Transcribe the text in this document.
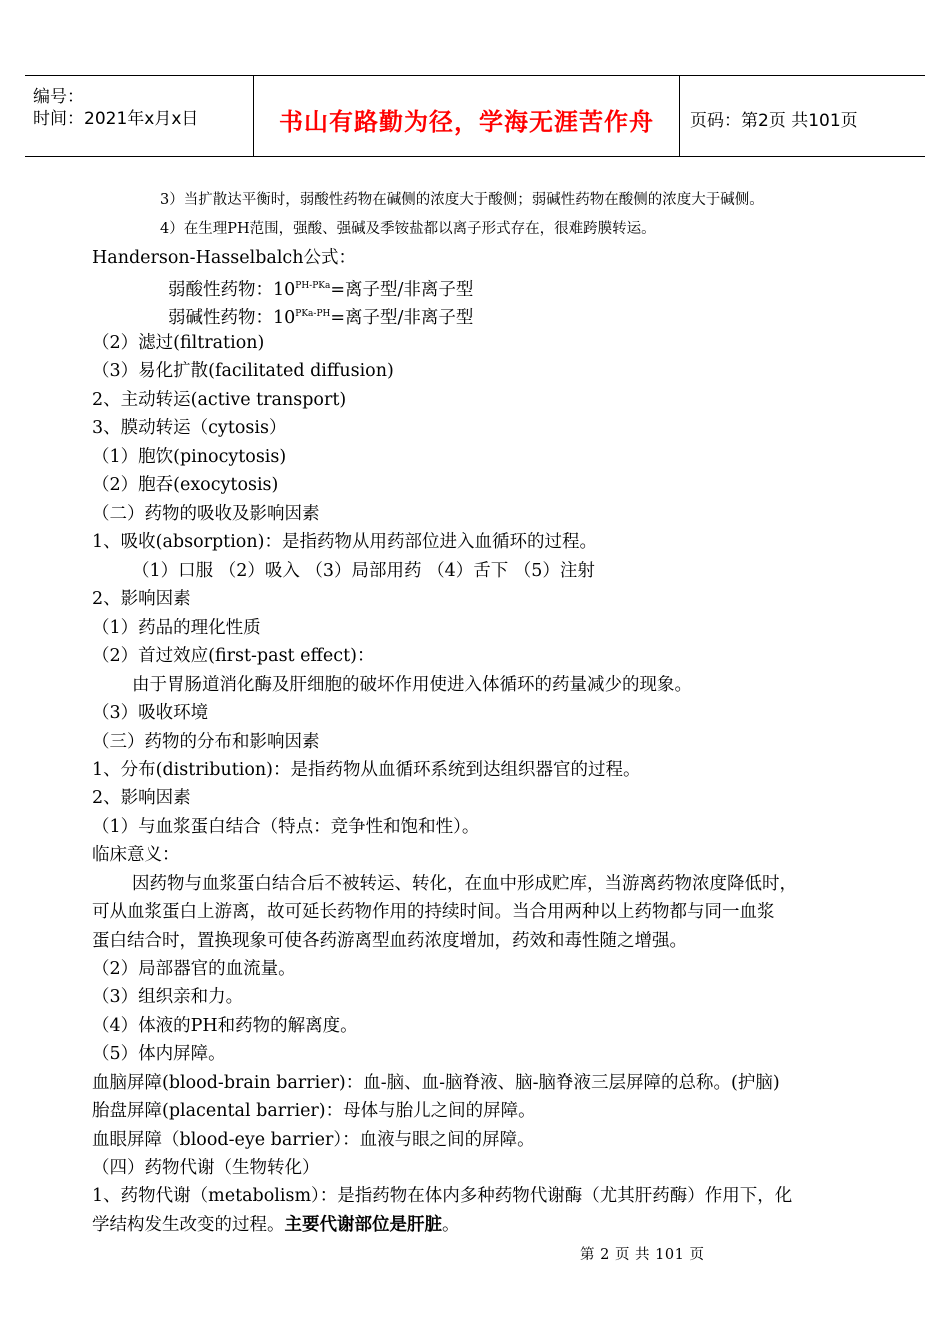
编号：
时间：2021年x月x日	书山有路勤为径，学海无涯苦作舟	页码：第2页 共101页
3）当扩散达平衡时，弱酸性药物在碱侧的浓度大于酸侧；弱碱性药物在酸侧的浓度大于碱侧。
4）在生理PH范围，强酸、强碱及季铵盐都以离子形式存在，很难跨膜转运。
Handerson-Hasselbalch公式：
弱酸性药物：$10^{PH-PKa}=$离子型/非离子型
弱碱性药物：$10^{PKa-PH}=$离子型/非离子型
（2）滤过(filtration)
（3）易化扩散(facilitated diffusion)
2、主动转运(active transport)
3、膜动转运（cytosis）
（1）胞饮(pinocytosis)
（2）胞吞(exocytosis)
（二）药物的吸收及影响因素
1、吸收(absorption)：是指药物从用药部位进入血循环的过程。
（1）口服 （2）吸入 （3）局部用药 （4）舌下 （5）注射
2、影响因素
（1）药品的理化性质
（2）首过效应(first-past effect)：
由于胃肠道消化酶及肝细胞的破坏作用使进入体循环的药量减少的现象。
（3）吸收环境
（三）药物的分布和影响因素
1、分布(distribution)：是指药物从血循环系统到达组织器官的过程。
2、影响因素
（1）与血浆蛋白结合（特点：竞争性和饱和性）。
临床意义：
因药物与血浆蛋白结合后不被转运、转化，在血中形成贮库，当游离药物浓度降低时，
可从血浆蛋白上游离，故可延长药物作用的持续时间。当合用两种以上药物都与同一血浆
蛋白结合时，置换现象可使各药游离型血药浓度增加，药效和毒性随之增强。
（2）局部器官的血流量。
（3）组织亲和力。
（4）体液的PH和药物的解离度。
（5）体内屏障。
血脑屏障(blood-brain barrier)：血-脑、血-脑脊液、脑-脑脊液三层屏障的总称。(护脑)
胎盘屏障(placental barrier)：母体与胎儿之间的屏障。
血眼屏障（blood-eye barrier）：血液与眼之间的屏障。
（四）药物代谢（生物转化）
1、药物代谢（metabolism）：是指药物在体内多种药物代谢酶（尤其肝药酶）作用下，化
学结构发生改变的过程。主要代谢部位是肝脏。
第 2 页 共 101 页
